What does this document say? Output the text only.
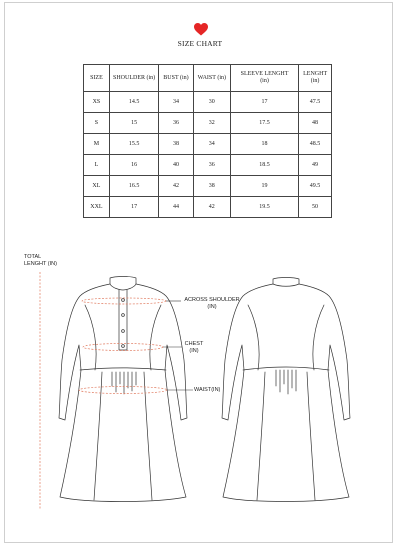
SIZE CHART
SIZE	SHOULDER (in)	BUST (in)	WAIST (in)	SLEEVE LENGHT (in)	LENGHT (in)
XS	14.5	34	30	17	47.5
S	15	36	32	17.5	48
M	15.5	38	34	18	48.5
L	16	40	36	18.5	49
XL	16.5	42	38	19	49.5
XXL	17	44	42	19.5	50
TOTAL LENGHT (IN)
ACROSS SHOULDER (IN)
CHEST (IN)
WAIST(IN)
